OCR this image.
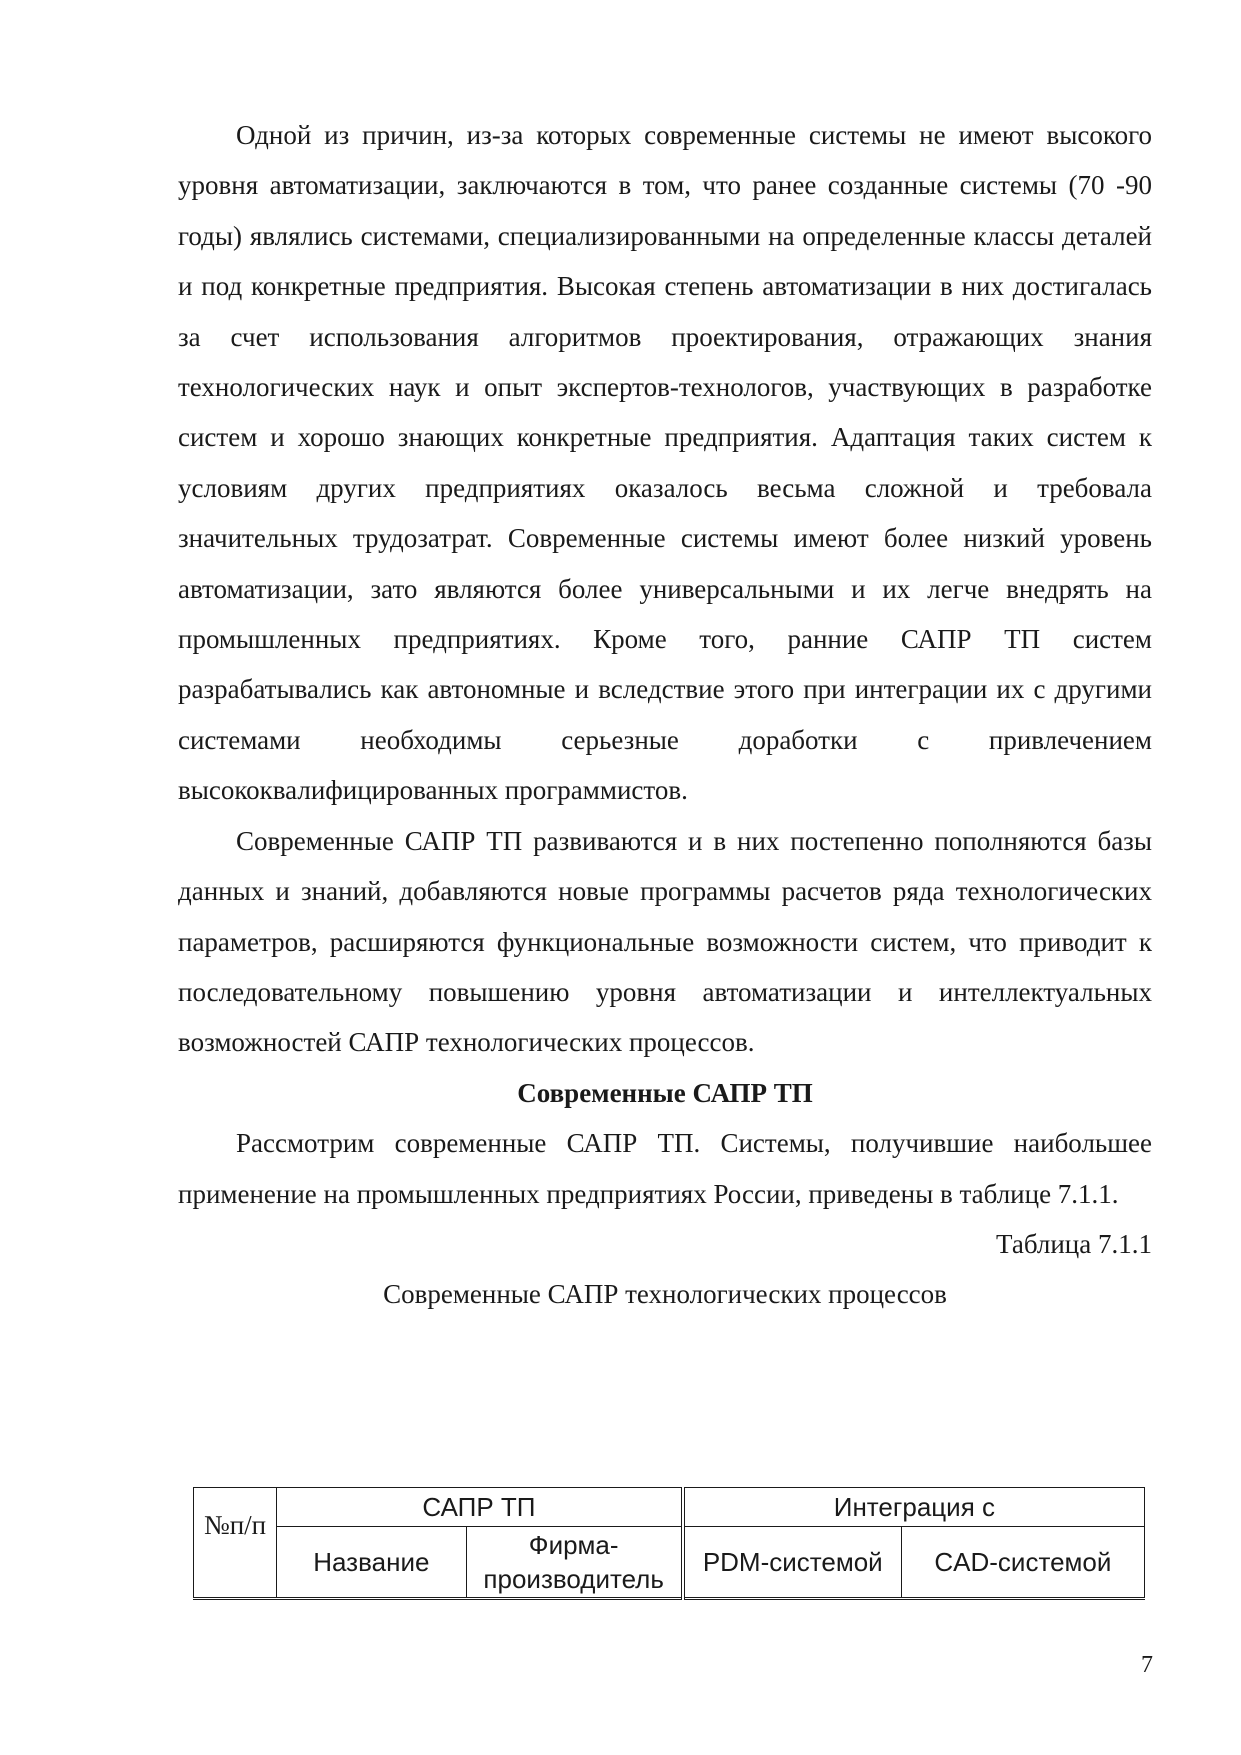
Одной из причин, из-за которых современные системы не имеют высокого уровня автоматизации, заключаются в том, что ранее созданные системы (70 -90 годы) являлись системами, специализированными на определенные классы деталей и под конкретные предприятия. Высокая степень автоматизации в них достигалась за счет использования алгоритмов проектирования, отражающих знания технологических наук и опыт экспертов-технологов, участвующих в разработке систем и хорошо знающих конкретные предприятия. Адаптация таких систем к условиям других предприятиях оказалось весьма сложной и требовала значительных трудозатрат. Современные системы имеют более низкий уровень автоматизации, зато являются более универсальными и их легче внедрять на промышленных предприятиях. Кроме того, ранние САПР ТП систем разрабатывались как автономные и вследствие этого при интеграции их с другими системами необходимы серьезные доработки с привлечением высококвалифицированных программистов.

Современные САПР ТП развиваются и в них постепенно пополняются базы данных и знаний, добавляются новые программы расчетов ряда технологических параметров, расширяются функциональные возможности систем, что приводит к последовательному повышению уровня автоматизации и интеллектуальных возможностей САПР технологических процессов.

Современные САПР ТП

Рассмотрим современные САПР ТП. Системы, получившие наибольшее применение на промышленных предприятиях России, приведены в таблице 7.1.1.

Таблица 7.1.1

Современные САПР технологических процессов

№п/п	САПР ТП		Интеграция с	
	Название	Фирма-производитель	PDM-системой	CAD-системой
7
